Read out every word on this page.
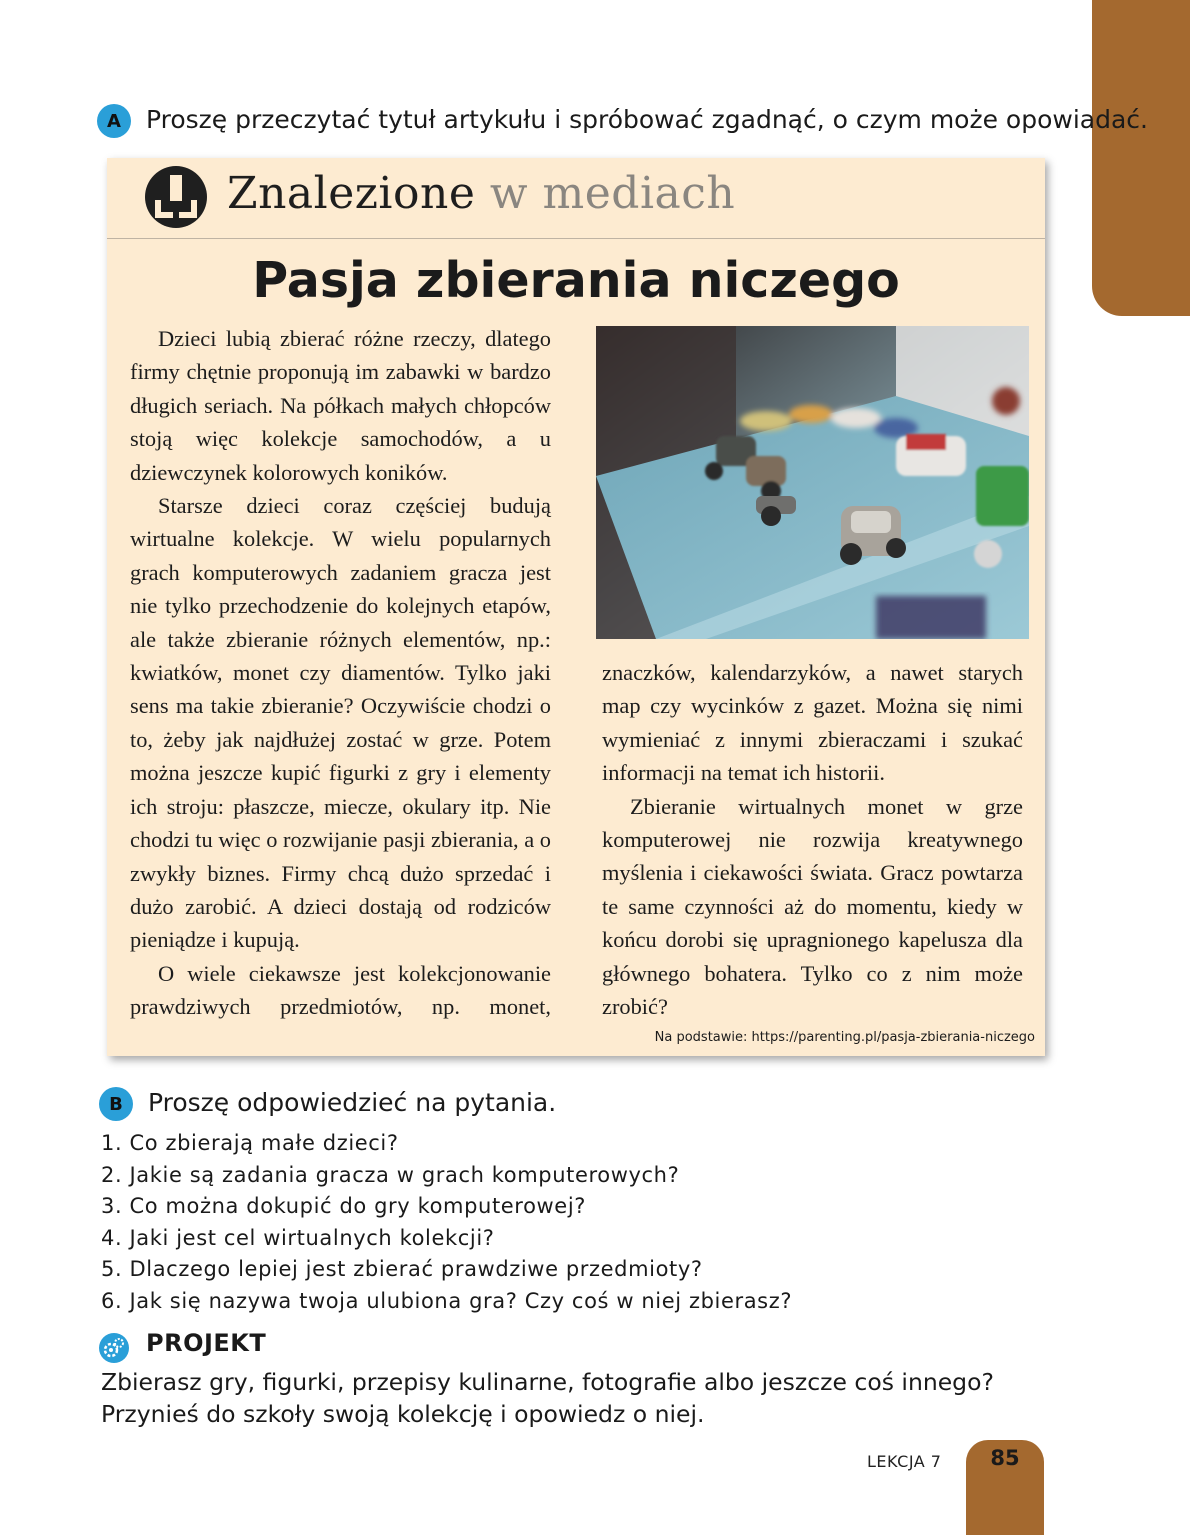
A Proszę przeczytać tytuł artykułu i spróbować zgadnąć, o czym może opowiadać.
Znalezione w mediach
Pasja zbierania niczego

Dzieci lubią zbierać różne rzeczy, dlatego firmy chętnie proponują im zabawki w bardzo długich seriach. Na półkach małych chłopców stoją więc kolekcje samochodów, a u dziewczynek kolorowych koników.

Starsze dzieci coraz częściej budują wirtualne kolekcje. W wielu popularnych grach komputerowych zadaniem gracza jest nie tylko przechodzenie do kolejnych etapów, ale także zbieranie różnych elementów, np.: kwiatków, monet czy diamentów. Tylko jaki sens ma takie zbieranie? Oczywiście chodzi o to, żeby jak najdłużej zostać w grze. Potem można jeszcze kupić figurki z gry i elementy ich stroju: płaszcze, miecze, okulary itp. Nie chodzi tu więc o rozwijanie pasji zbierania, a o zwykły biznes. Firmy chcą dużo sprzedać i dużo zarobić. A dzieci dostają od rodziców pieniądze i kupują.

O wiele ciekawsze jest kolekcjonowanie prawdziwych przedmiotów, np. monet,

znaczków, kalendarzyków, a nawet starych map czy wycinków z gazet. Można się nimi wymieniać z innymi zbieraczami i szukać informacji na temat ich historii.

Zbieranie wirtualnych monet w grze komputerowej nie rozwija kreatywnego myślenia i ciekawości świata. Gracz powtarza te same czynności aż do momentu, kiedy w końcu dorobi się upragnionego kapelusza dla głównego bohatera. Tylko co z nim może zrobić?

Na podstawie: https://parenting.pl/pasja-zbierania-niczego
B Proszę odpowiedzieć na pytania.
1. Co zbierają małe dzieci?
2. Jakie są zadania gracza w grach komputerowych?
3. Co można dokupić do gry komputerowej?
4. Jaki jest cel wirtualnych kolekcji?
5. Dlaczego lepiej jest zbierać prawdziwe przedmioty?
6. Jak się nazywa twoja ulubiona gra? Czy coś w niej zbierasz?
PROJEKT
Zbierasz gry, figurki, przepisy kulinarne, fotografie albo jeszcze coś innego? Przynieś do szkoły swoją kolekcję i opowiedz o niej.
LEKCJA 7	85
